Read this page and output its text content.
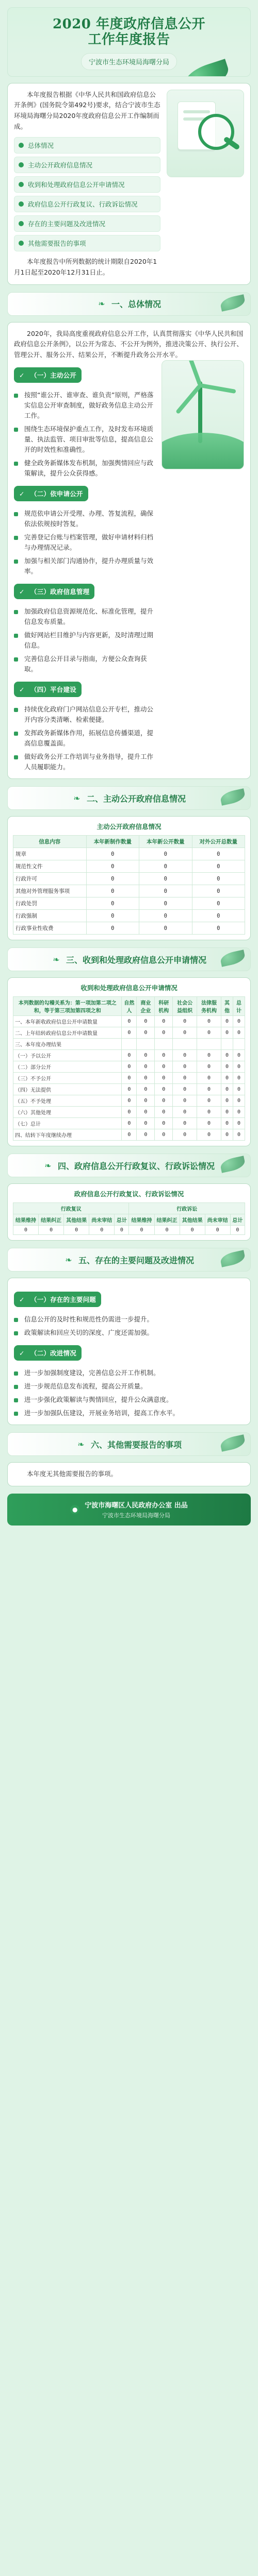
2020 年度政府信息公开
工作年度报告
宁波市生态环境局海曙分局

本年度报告根据《中华人民共和国政府信息公开条例》(国务院令第492号)要求，结合宁波市生态环境局海曙分局2020年度政府信息公开工作编制而成。

总体情况
主动公开政府信息情况
收到和处理政府信息公开申请情况
政府信息公开行政复议、行政诉讼情况
存在的主要问题及改进情况
其他需要报告的事项

本年度报告中所列数据的统计期限自2020年1月1日起至2020年12月31日止。

❧ 一、总体情况

2020年，我局高度重视政府信息公开工作，认真贯彻落实《中华人民共和国政府信息公开条例》，以公开为常态、不公开为例外，推进决策公开、执行公开、管理公开、服务公开、结果公开，不断提升政务公开水平。

✓ （一）主动公开
按照“谁公开、谁审查、谁负责”原则，严格落实信息公开审查制度，做好政务信息主动公开工作。
围绕生态环境保护重点工作，及时发布环境质量、执法监管、项目审批等信息，提高信息公开的时效性和准确性。
健全政务新媒体发布机制，加强舆情回应与政策解读，提升公众获得感。
✓ （二）依申请公开
规范依申请公开受理、办理、答复流程，确保依法依规按时答复。
完善登记台账与档案管理，做好申请材料归档与办理情况记录。
加强与相关部门沟通协作，提升办理质量与效率。
✓ （三）政府信息管理
加强政府信息资源规范化、标准化管理，提升信息发布质量。
做好网站栏目维护与内容更新，及时清理过期信息。
完善信息公开目录与指南，方便公众查询获取。
✓ （四）平台建设
持续优化政府门户网站信息公开专栏，推动公开内容分类清晰、检索便捷。
发挥政务新媒体作用，拓展信息传播渠道，提高信息覆盖面。
做好政务公开工作培训与业务指导，提升工作人员履职能力。
❧ 二、主动公开政府信息情况
主动公开政府信息情况
信息内容	本年新制作数量	本年新公开数量	对外公开总数量
规章	0	0	0
规范性文件	0	0	0
行政许可	0	0	0
其他对外管理服务事项	0	0	0
行政处罚	0	0	0
行政强制	0	0	0
行政事业性收费	0	0	0
❧ 三、收到和处理政府信息公开申请情况
收到和处理政府信息公开申请情况
本列数据的勾稽关系为：第一项加第二项之和，等于第三项加第四项之和	自然人	商业企业	科研机构	社会公益组织	法律服务机构	其他	总计
一、本年新收政府信息公开申请数量	0	0	0	0	0	0	0
二、上年结转政府信息公开申请数量	0	0	0	0	0	0	0
三、本年度办理结果							
（一）予以公开	0	0	0	0	0	0	0
（二）部分公开	0	0	0	0	0	0	0
（三）不予公开	0	0	0	0	0	0	0
（四）无法提供	0	0	0	0	0	0	0
（五）不予处理	0	0	0	0	0	0	0
（六）其他处理	0	0	0	0	0	0	0
（七）总计	0	0	0	0	0	0	0
四、结转下年度继续办理	0	0	0	0	0	0	0
❧ 四、政府信息公开行政复议、行政诉讼情况
政府信息公开行政复议、行政诉讼情况
行政复议					行政诉讼				
结果维持	结果纠正	其他结果	尚未审结	总计	结果维持	结果纠正	其他结果	尚未审结	总计
0	0	0	0	0	0	0	0	0	0
❧ 五、存在的主要问题及改进情况
✓ （一）存在的主要问题
信息公开的及时性和规范性仍需进一步提升。
政策解读和回应关切的深度、广度还需加强。
✓ （二）改进情况
进一步加强制度建设，完善信息公开工作机制。
进一步规范信息发布流程，提高公开质量。
进一步强化政策解读与舆情回应，提升公众满意度。
进一步加强队伍建设，开展业务培训，提高工作水平。
❧ 六、其他需要报告的事项

本年度无其他需要报告的事项。

● 宁波市海曙区人民政府办公室 出品
宁波市生态环境局海曙分局
